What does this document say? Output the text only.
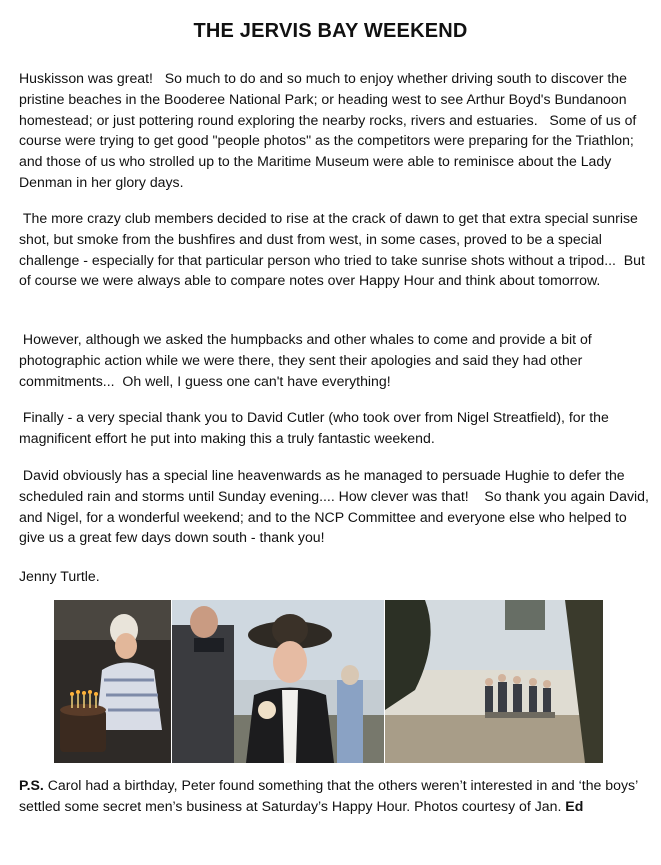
THE JERVIS BAY WEEKEND

Huskisson was great!   So much to do and so much to enjoy whether driving south to discover the pristine beaches in the Booderee National Park; or heading west to see Arthur Boyd's Bundanoon homestead; or just pottering round exploring the nearby rocks, rivers and estuaries.   Some of us of course were trying to get good "people photos" as the competitors were preparing for the Triathlon; and those of us who strolled up to the Maritime Museum were able to reminisce about the Lady Denman in her glory days.

The more crazy club members decided to rise at the crack of dawn to get that extra special sunrise shot, but smoke from the bushfires and dust from west, in some cases, proved to be a special challenge - especially for that particular person who tried to take sunrise shots without a tripod...  But of course we were always able to compare notes over Happy Hour and think about tomorrow.

However, although we asked the humpbacks and other whales to come and provide a bit of photographic action while we were there, they sent their apologies and said they had other commitments...  Oh well, I guess one can't have everything!

Finally - a very special thank you to David Cutler (who took over from Nigel Streatfield), for the magnificent effort he put into making this a truly fantastic weekend.

David obviously has a special line heavenwards as he managed to persuade Hughie to defer the scheduled rain and storms until Sunday evening.... How clever was that!    So thank you again David, and Nigel, for a wonderful weekend; and to the NCP Committee and everyone else who helped to give us a great few days down south - thank you!

Jenny Turtle.

P.S. Carol had a birthday, Peter found something that the others weren’t interested in and ‘the boys’ settled some secret men’s business at Saturday’s Happy Hour. Photos courtesy of Jan. Ed
